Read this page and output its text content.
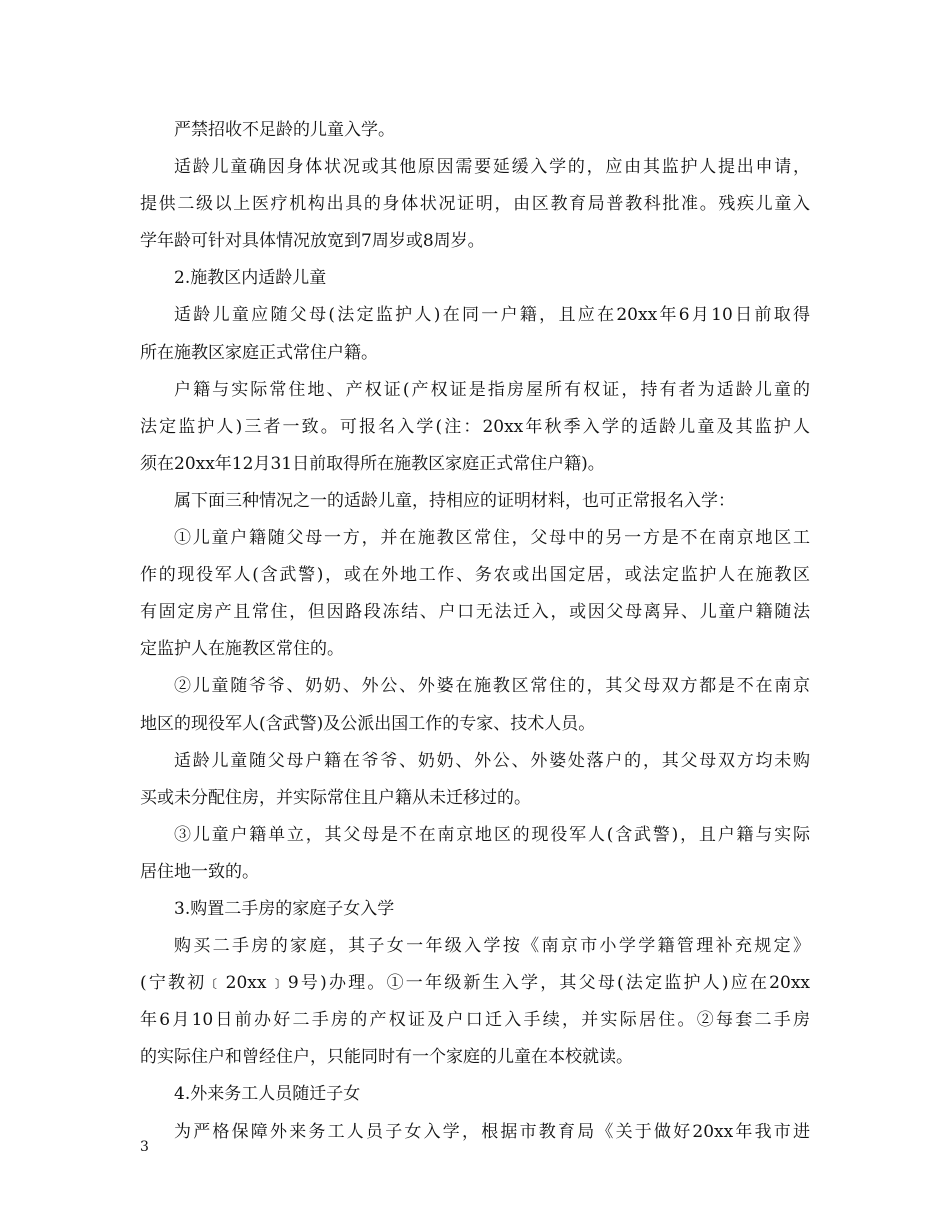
严禁招收不足龄的儿童入学。
适龄儿童确因身体状况或其他原因需要延缓入学的，应由其监护人提出申请，
提供二级以上医疗机构出具的身体状况证明，由区教育局普教科批准。残疾儿童入
学年龄可针对具体情况放宽到7周岁或8周岁。
2.施教区内适龄儿童
适龄儿童应随父母(法定监护人)在同一户籍，且应在20xx年6月10日前取得
所在施教区家庭正式常住户籍。
户籍与实际常住地、产权证(产权证是指房屋所有权证，持有者为适龄儿童的
法定监护人)三者一致。可报名入学(注：20xx年秋季入学的适龄儿童及其监护人
须在20xx年12月31日前取得所在施教区家庭正式常住户籍)。
属下面三种情况之一的适龄儿童，持相应的证明材料，也可正常报名入学：
①儿童户籍随父母一方，并在施教区常住，父母中的另一方是不在南京地区工
作的现役军人(含武警)，或在外地工作、务农或出国定居，或法定监护人在施教区
有固定房产且常住，但因路段冻结、户口无法迁入，或因父母离异、儿童户籍随法
定监护人在施教区常住的。
②儿童随爷爷、奶奶、外公、外婆在施教区常住的，其父母双方都是不在南京
地区的现役军人(含武警)及公派出国工作的专家、技术人员。
适龄儿童随父母户籍在爷爷、奶奶、外公、外婆处落户的，其父母双方均未购
买或未分配住房，并实际常住且户籍从未迁移过的。
③儿童户籍单立，其父母是不在南京地区的现役军人(含武警)，且户籍与实际
居住地一致的。
3.购置二手房的家庭子女入学
购买二手房的家庭，其子女一年级入学按《南京市小学学籍管理补充规定》
(宁教初﹝20xx﹞9号)办理。①一年级新生入学，其父母(法定监护人)应在20xx
年6月10日前办好二手房的产权证及户口迁入手续，并实际居住。②每套二手房
的实际住户和曾经住户，只能同时有一个家庭的儿童在本校就读。
4.外来务工人员随迁子女
为严格保障外来务工人员子女入学，根据市教育局《关于做好20xx年我市进
3
